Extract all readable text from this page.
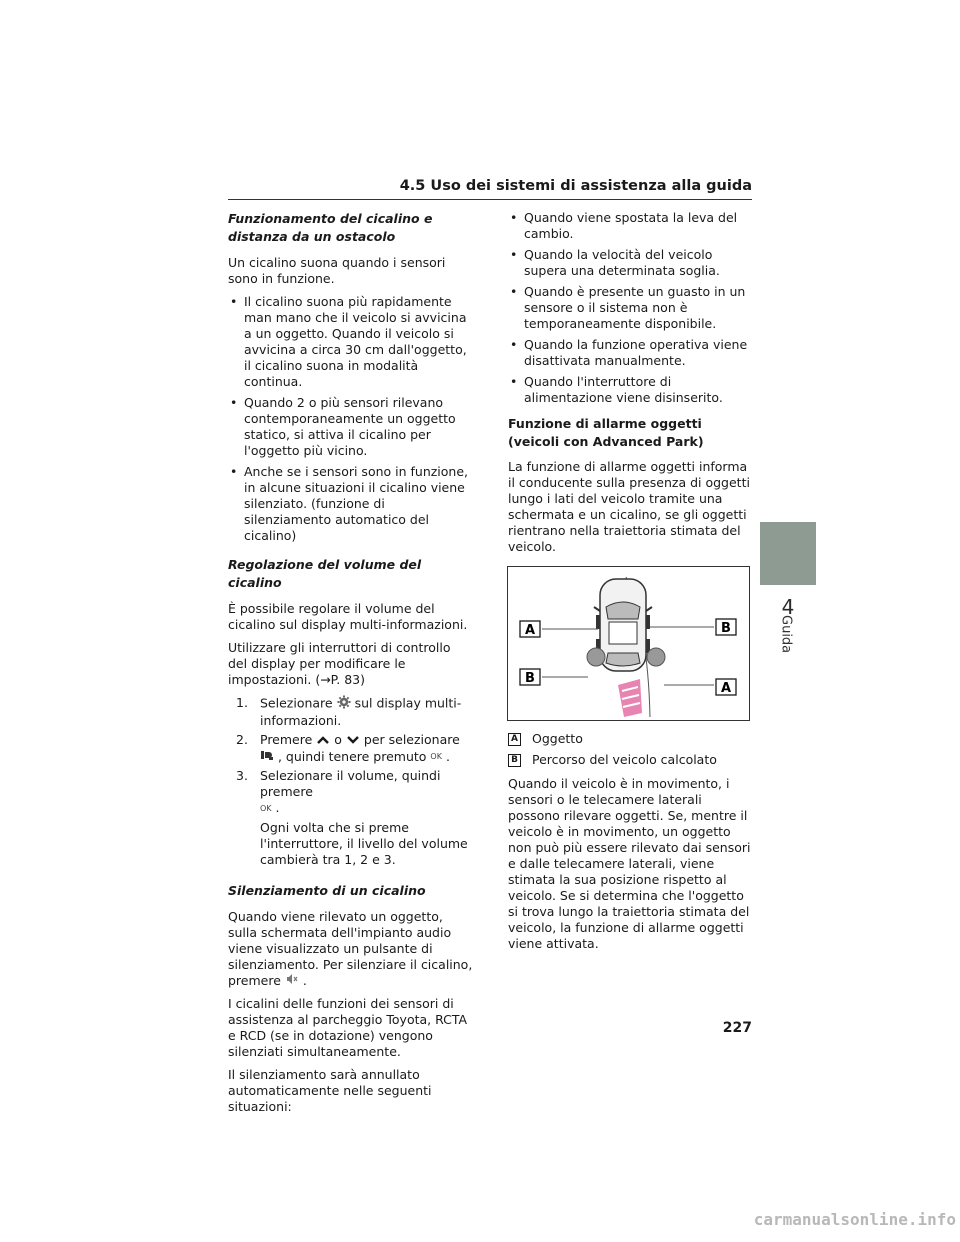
4.5 Uso dei sistemi di assistenza alla guida
4
Guida

Funzionamento del cicalino e distanza da un ostacolo

Un cicalino suona quando i sensori sono in funzione.

• Il cicalino suona più rapidamente man mano che il veicolo si avvicina a un oggetto. Quando il veicolo si avvicina a circa 30 cm dall'oggetto, il cicalino suona in modalità continua.

• Quando 2 o più sensori rilevano contemporaneamente un oggetto statico, si attiva il cicalino per l'oggetto più vicino.

• Anche se i sensori sono in funzione, in alcune situazioni il cicalino viene silenziato. (funzione di silenziamento automatico del cicalino)

Regolazione del volume del cicalino

È possibile regolare il volume del cicalino sul display multi-informazioni.

Utilizzare gli interruttori di controllo del display per modificare le impostazioni. (→P. 83)

1. Selezionare sul display multi-informazioni.

2. Premere o per selezionare
, quindi tenere premuto OK .

3. Selezionare il volume, quindi premere
OK .

Ogni volta che si preme l'interruttore, il livello del volume cambierà tra 1, 2 e 3.

Silenziamento di un cicalino

Quando viene rilevato un oggetto, sulla schermata dell'impianto audio viene visualizzato un pulsante di silenziamento. Per silenziare il cicalino, premere .

I cicalini delle funzioni dei sensori di assistenza al parcheggio Toyota, RCTA e RCD (se in dotazione) vengono silenziati simultaneamente.

Il silenziamento sarà annullato automaticamente nelle seguenti situazioni:

• Quando viene spostata la leva del cambio.

• Quando la velocità del veicolo supera una determinata soglia.

• Quando è presente un guasto in un sensore o il sistema non è temporaneamente disponibile.

• Quando la funzione operativa viene disattivata manualmente.

• Quando l'interruttore di alimentazione viene disinserito.

Funzione di allarme oggetti (veicoli con Advanced Park)

La funzione di allarme oggetti informa il conducente sulla presenza di oggetti lungo i lati del veicolo tramite una schermata e un cicalino, se gli oggetti rientrano nella traiettoria stimata del veicolo.

A	B
B
A

A Oggetto

B Percorso del veicolo calcolato

Quando il veicolo è in movimento, i sensori o le telecamere laterali possono rilevare oggetti. Se, mentre il veicolo è in movimento, un oggetto non può più essere rilevato dai sensori e dalle telecamere laterali, viene stimata la sua posizione rispetto al veicolo. Se si determina che l'oggetto si trova lungo la traiettoria stimata del veicolo, la funzione di allarme oggetti viene attivata.

227
carmanualsonline.info
